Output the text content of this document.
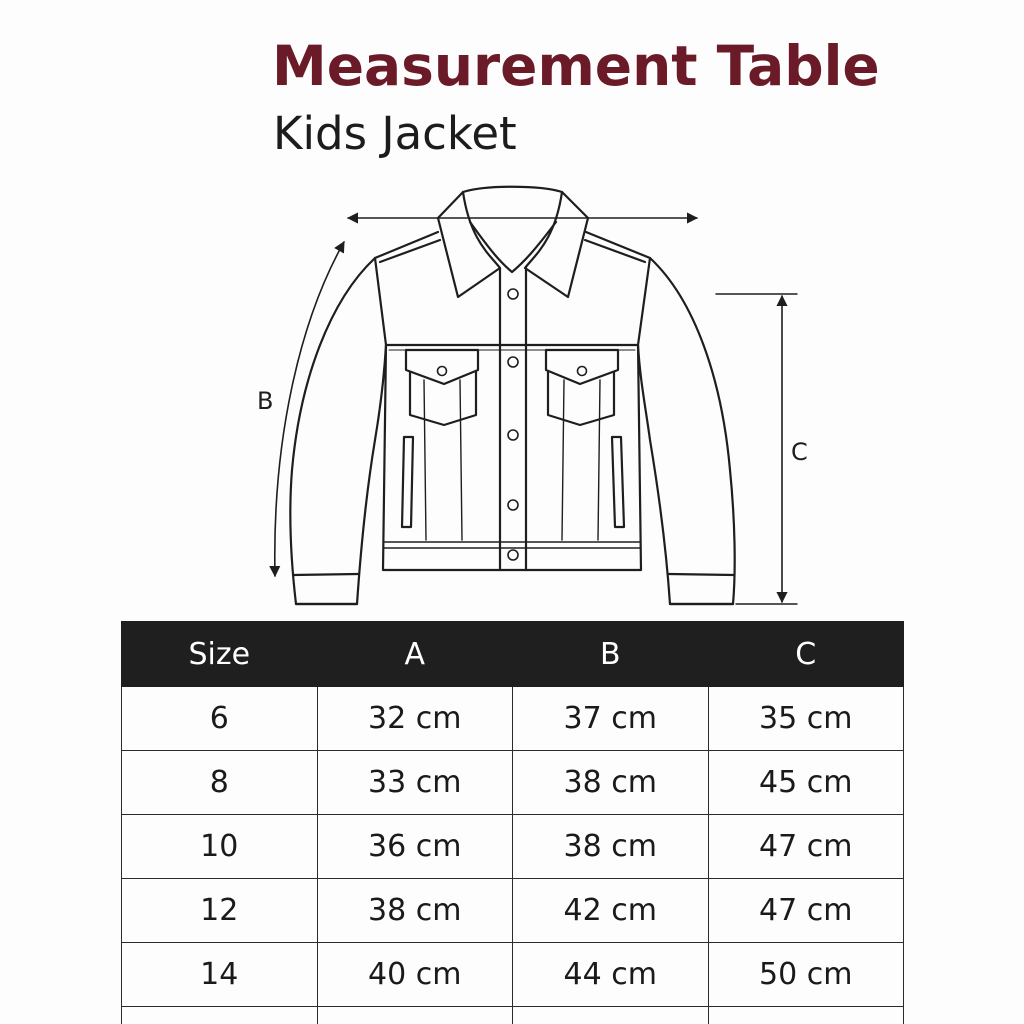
Measurement Table
Kids Jacket
B
C
Size	A	B	C
6	32 cm	37 cm	35 cm
8	33 cm	38 cm	45 cm
10	36 cm	38 cm	47 cm
12	38 cm	42 cm	47 cm
14	40 cm	44 cm	50 cm
